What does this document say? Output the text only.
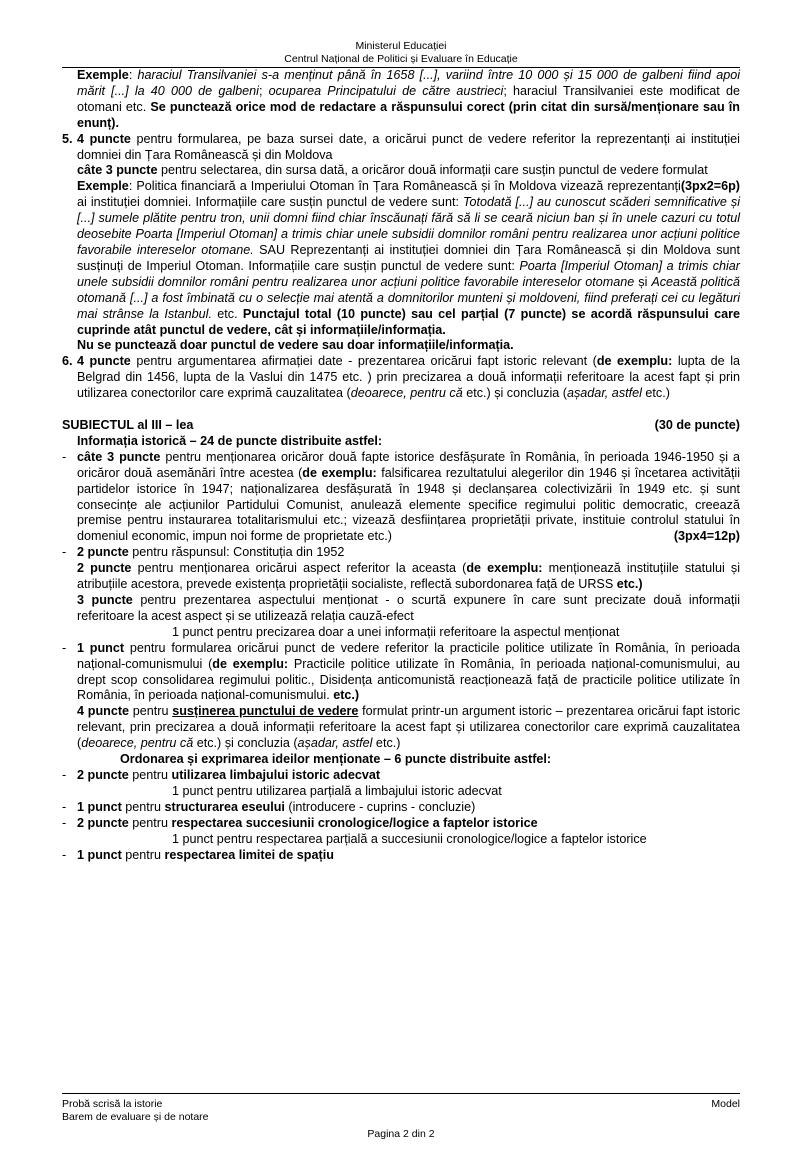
Ministerul Educației
Centrul Național de Politici și Evaluare în Educație
Exemple: haraciul Transilvaniei s-a menținut până în 1658 [...], variind între 10 000 și 15 000 de galbeni fiind apoi mărit [...] la 40 000 de galbeni; ocuparea Principatului de către austrieci; haraciul Transilvaniei este modificat de otomani etc. Se punctează orice mod de redactare a răspunsului corect (prin citat din sursă/menționare sau în enunț).
5. 4 puncte pentru formularea, pe baza sursei date, a oricărui punct de vedere referitor la reprezentanți ai instituției domniei din Țara Românească și din Moldova
câte 3 puncte pentru selectarea, din sursa dată, a oricăror două informații care susțin punctul de vedere formulat
(3px2=6p)
Exemple: Politica financiară a Imperiului Otoman în Țara Românească și în Moldova vizează reprezentanți ai instituției domniei. Informațiile care susțin punctul de vedere sunt: Totodată [...] au cunoscut scăderi semnificative și [...] sumele plătite pentru tron, unii domni fiind chiar înscăunați fără să li se ceară niciun ban și în unele cazuri cu totul deosebite Poarta [Imperiul Otoman] a trimis chiar unele subsidii domnilor români pentru realizarea unor acțiuni politice favorabile intereselor otomane. SAU Reprezentanți ai instituției domniei din Țara Românească și din Moldova sunt susținuți de Imperiul Otoman. Informațiile care susțin punctul de vedere sunt: Poarta [Imperiul Otoman] a trimis chiar unele subsidii domnilor români pentru realizarea unor acțiuni politice favorabile intereselor otomane și Această politică otomană [...] a fost îmbinată cu o selecție mai atentă a domnitorilor munteni și moldoveni, fiind preferați cei cu legături mai strânse la Istanbul. etc. Punctajul total (10 puncte) sau cel parțial (7 puncte) se acordă răspunsului care cuprinde atât punctul de vedere, cât și informațiile/informația.
Nu se punctează doar punctul de vedere sau doar informațiile/informația.
6. 4 puncte pentru argumentarea afirmației date - prezentarea oricărui fapt istoric relevant (de exemplu: lupta de la Belgrad din 1456, lupta de la Vaslui din 1475 etc. ) prin precizarea a două informații referitoare la acest fapt și prin utilizarea conectorilor care exprimă cauzalitatea (deoarece, pentru că etc.) și concluzia (așadar, astfel etc.)
SUBIECTUL al III – lea	(30 de puncte)
Informația istorică – 24 de puncte distribuite astfel:
- câte 3 puncte pentru menționarea oricăror două fapte istorice desfășurate în România, în perioada 1946-1950 și a oricăror două asemănări între acestea (de exemplu: falsificarea rezultatului alegerilor din 1946 și încetarea activității partidelor istorice în 1947; naționalizarea desfășurată în 1948 și declanșarea colectivizării în 1949 etc. și sunt consecințe ale acțiunilor Partidului Comunist, anulează elemente specifice regimului politic democratic, creează premise pentru instaurarea totalitarismului etc.; vizează desființarea proprietății private, instituie controlul statului în domeniul economic, impun noi forme de proprietate etc.)	(3px4=12p)
- 2 puncte pentru răspunsul: Constituția din 1952
2 puncte pentru menționarea oricărui aspect referitor la aceasta (de exemplu: menționează instituțiile statului și atribuțiile acestora, prevede existența proprietății socialiste, reflectă subordonarea față de URSS etc.)
3 puncte pentru prezentarea aspectului menționat - o scurtă expunere în care sunt precizate două informații referitoare la acest aspect și se utilizează relația cauză-efect
1 punct pentru precizarea doar a unei informații referitoare la aspectul menționat
- 1 punct pentru formularea oricărui punct de vedere referitor la practicile politice utilizate în România, în perioada național-comunismului (de exemplu: Practicile politice utilizate în România, în perioada național-comunismului, au drept scop consolidarea regimului politic., Disidența anticomunistă reacționează față de practicile politice utilizate în România, în perioada național-comunismului. etc.)
4 puncte pentru susținerea punctului de vedere formulat printr-un argument istoric – prezentarea oricărui fapt istoric relevant, prin precizarea a două informații referitoare la acest fapt și utilizarea conectorilor care exprimă cauzalitatea (deoarece, pentru că etc.) și concluzia (așadar, astfel etc.)
Ordonarea și exprimarea ideilor menționate – 6 puncte distribuite astfel:
- 2 puncte pentru utilizarea limbajului istoric adecvat
1 punct pentru utilizarea parțială a limbajului istoric adecvat
- 1 punct pentru structurarea eseului (introducere - cuprins - concluzie)
- 2 puncte pentru respectarea succesiunii cronologice/logice a faptelor istorice
1 punct pentru respectarea parțială a succesiunii cronologice/logice a faptelor istorice
- 1 punct pentru respectarea limitei de spațiu
Probă scrisă la istorie	Model
Barem de evaluare și de notare
Pagina 2 din 2
